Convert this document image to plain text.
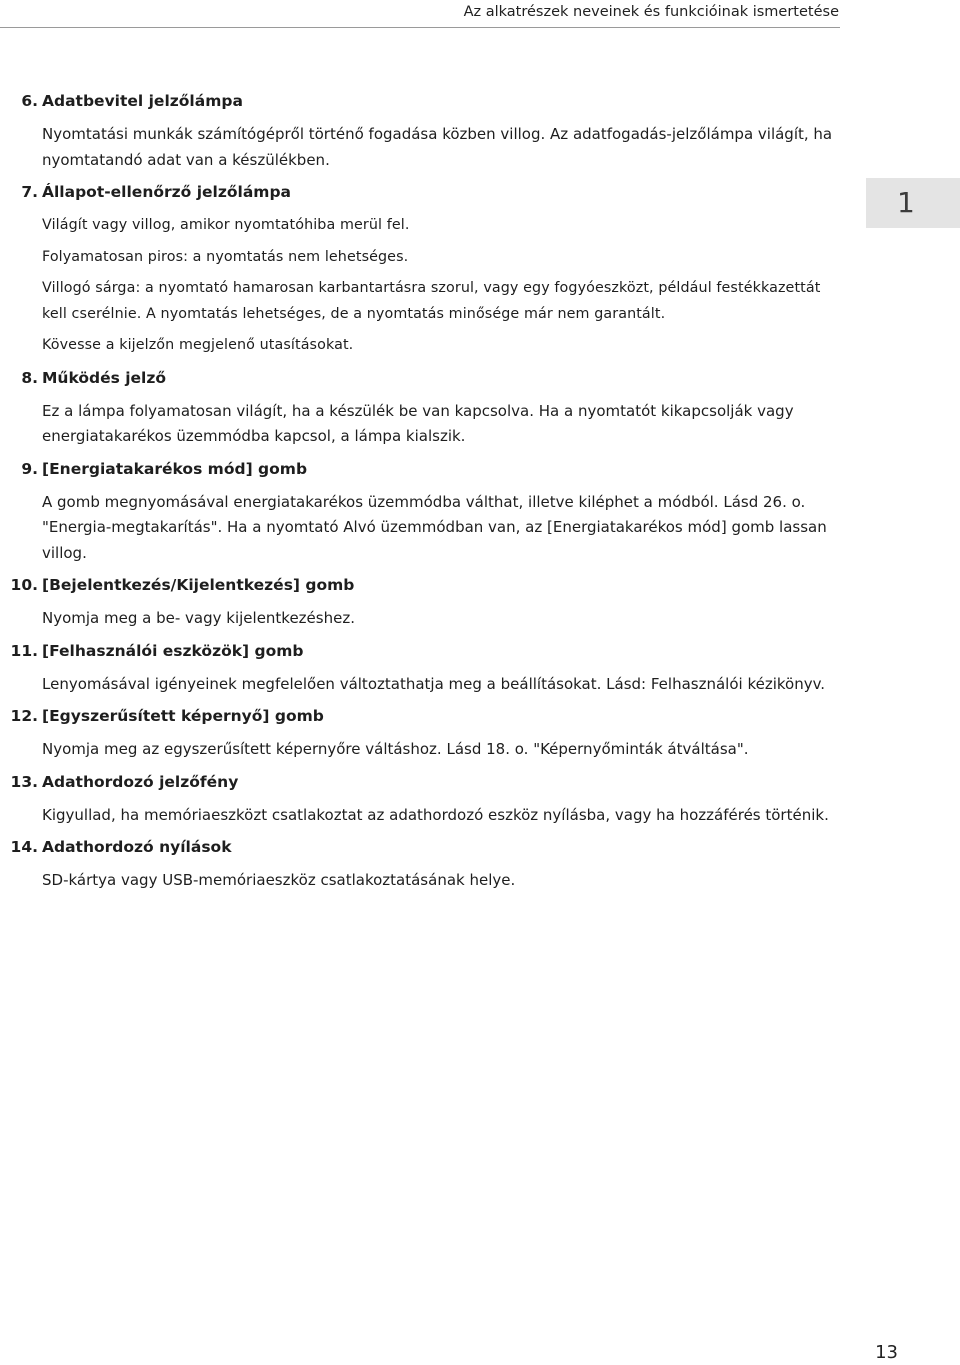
Az alkatrészek neveinek és funkcióinak ismertetése
1
6. Adatbevitel jelzőlámpa
Nyomtatási munkák számítógépről történő fogadása közben villog. Az adatfogadás-jelzőlámpa világít, ha nyomtatandó adat van a készülékben.
7. Állapot-ellenőrző jelzőlámpa
Világít vagy villog, amikor nyomtatóhiba merül fel.
Folyamatosan piros: a nyomtatás nem lehetséges.
Villogó sárga: a nyomtató hamarosan karbantartásra szorul, vagy egy fogyóeszközt, például festékkazettát kell cserélnie. A nyomtatás lehetséges, de a nyomtatás minősége már nem garantált.
Kövesse a kijelzőn megjelenő utasításokat.
8. Működés jelző
Ez a lámpa folyamatosan világít, ha a készülék be van kapcsolva. Ha a nyomtatót kikapcsolják vagy energiatakarékos üzemmódba kapcsol, a lámpa kialszik.
9. [Energiatakarékos mód] gomb
A gomb megnyomásával energiatakarékos üzemmódba válthat, illetve kiléphet a módból. Lásd 26. o. "Energia-megtakarítás". Ha a nyomtató Alvó üzemmódban van, az [Energiatakarékos mód] gomb lassan villog.
10. [Bejelentkezés/Kijelentkezés] gomb
Nyomja meg a be- vagy kijelentkezéshez.
11. [Felhasználói eszközök] gomb
Lenyomásával igényeinek megfelelően változtathatja meg a beállításokat. Lásd: Felhasználói kézikönyv.
12. [Egyszerűsített képernyő] gomb
Nyomja meg az egyszerűsített képernyőre váltáshoz. Lásd 18. o. "Képernyőminták átváltása".
13. Adathordozó jelzőfény
Kigyullad, ha memóriaeszközt csatlakoztat az adathordozó eszköz nyílásba, vagy ha hozzáférés történik.
14. Adathordozó nyílások
SD-kártya vagy USB-memóriaeszköz csatlakoztatásának helye.
13
